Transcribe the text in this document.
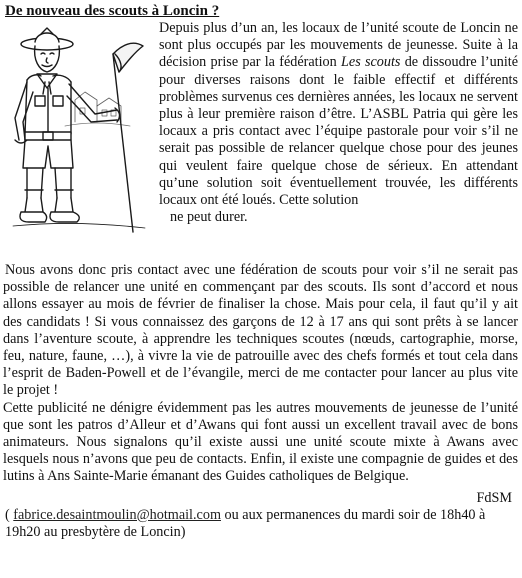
De nouveau des scouts à Loncin ?

Depuis plus d’un an, les locaux de l’unité scoute de Loncin ne sont plus occupés par les mouvements de jeunesse. Suite à la décision prise par la fédération Les scouts de dissoudre l’unité pour diverses raisons dont le faible effectif et différents problèmes survenus ces dernières années, les locaux ne servent plus à leur première raison d’être. L’ASBL Patria qui gère les locaux a pris contact avec l’équipe pastorale pour voir s’il ne serait pas possible de relancer quelque chose pour des jeunes qui veulent faire quelque chose de sérieux. En attendant qu’une solution soit éventuellement trouvée, les différents locaux ont été loués. Cette solution
ne peut durer.

Nous avons donc pris contact avec une fédération de scouts pour voir s’il ne serait pas possible de relancer une unité en commençant par des scouts. Ils sont d’accord et nous allons essayer au mois de février de finaliser la chose. Mais pour cela, il faut qu’il y ait des candidats ! Si vous connaissez des garçons de 12 à 17 ans qui sont prêts à se lancer dans l’aventure scoute, à apprendre les techniques scoutes (nœuds, cartographie, morse, feu, nature, faune, …), à vivre la vie de patrouille avec des chefs formés et tout cela dans l’esprit de Baden-Powell et de l’évangile, merci de me contacter pour lancer au plus vite le projet !

Cette publicité ne dénigre évidemment pas les autres mouvements de jeunesse de l’unité que sont les patros d’Alleur et d’Awans qui font aussi un excellent travail avec de bons animateurs. Nous signalons qu’il existe aussi une unité scoute mixte à Awans avec lesquels nous n’avons que peu de contacts. Enfin, il existe une compagnie de guides et des lutins à Ans Sainte-Marie émanant des Guides catholiques de Belgique.

FdSM

( fabrice.desaintmoulin@hotmail.com ou aux permanences du mardi soir de 18h40 à 19h20 au presbytère de Loncin)
